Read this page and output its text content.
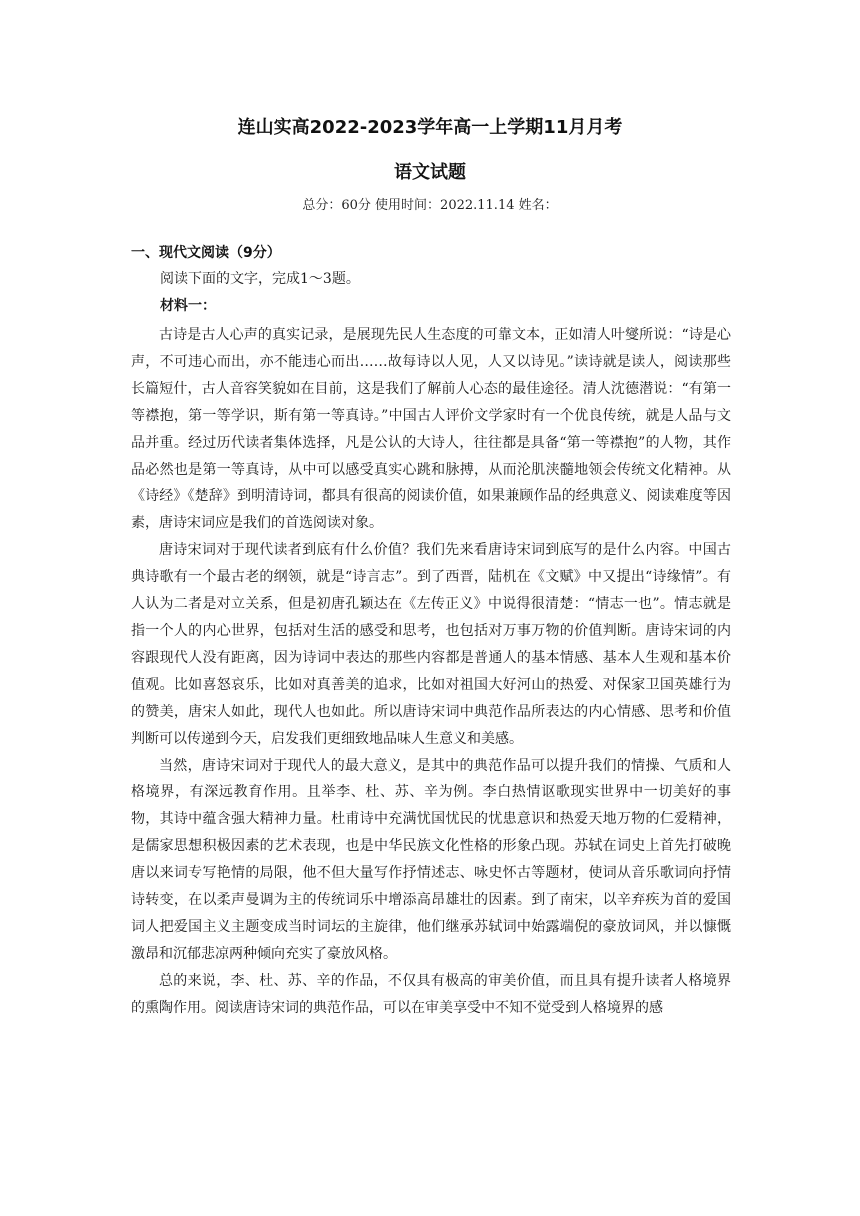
连山实高2022-2023学年高一上学期11月月考
语文试题
总分：60分 使用时间：2022.11.14 姓名：
一、现代文阅读（9分）
阅读下面的文字，完成1～3题。
材料一：

古诗是古人心声的真实记录，是展现先民人生态度的可靠文本，正如清人叶燮所说：“诗是心声，不可违心而出，亦不能违心而出……故每诗以人见，人又以诗见。”读诗就是读人，阅读那些长篇短什，古人音容笑貌如在目前，这是我们了解前人心态的最佳途径。清人沈德潜说：“有第一等襟抱，第一等学识，斯有第一等真诗。”中国古人评价文学家时有一个优良传统，就是人品与文品并重。经过历代读者集体选择，凡是公认的大诗人，往往都是具备“第一等襟抱”的人物，其作品必然也是第一等真诗，从中可以感受真实心跳和脉搏，从而沦肌浃髓地领会传统文化精神。从《诗经》《楚辞》到明清诗词，都具有很高的阅读价值，如果兼顾作品的经典意义、阅读难度等因素，唐诗宋词应是我们的首选阅读对象。

唐诗宋词对于现代读者到底有什么价值？我们先来看唐诗宋词到底写的是什么内容。中国古典诗歌有一个最古老的纲领，就是“诗言志”。到了西晋，陆机在《文赋》中又提出“诗缘情”。有人认为二者是对立关系，但是初唐孔颖达在《左传正义》中说得很清楚：“情志一也”。情志就是指一个人的内心世界，包括对生活的感受和思考，也包括对万事万物的价值判断。唐诗宋词的内容跟现代人没有距离，因为诗词中表达的那些内容都是普通人的基本情感、基本人生观和基本价值观。比如喜怒哀乐，比如对真善美的追求，比如对祖国大好河山的热爱、对保家卫国英雄行为的赞美，唐宋人如此，现代人也如此。所以唐诗宋词中典范作品所表达的内心情感、思考和价值判断可以传递到今天，启发我们更细致地品味人生意义和美感。

当然，唐诗宋词对于现代人的最大意义，是其中的典范作品可以提升我们的情操、气质和人格境界，有深远教育作用。且举李、杜、苏、辛为例。李白热情讴歌现实世界中一切美好的事物，其诗中蕴含强大精神力量。杜甫诗中充满忧国忧民的忧患意识和热爱天地万物的仁爱精神，是儒家思想积极因素的艺术表现，也是中华民族文化性格的形象凸现。苏轼在词史上首先打破晚唐以来词专写艳情的局限，他不但大量写作抒情述志、咏史怀古等题材，使词从音乐歌词向抒情诗转变，在以柔声曼调为主的传统词乐中增添高昂雄壮的因素。到了南宋，以辛弃疾为首的爱国词人把爱国主义主题变成当时词坛的主旋律，他们继承苏轼词中始露端倪的豪放词风，并以慷慨激昂和沉郁悲凉两种倾向充实了豪放风格。

总的来说，李、杜、苏、辛的作品，不仅具有极高的审美价值，而且具有提升读者人格境界的熏陶作用。阅读唐诗宋词的典范作品，可以在审美享受中不知不觉受到人格境界的感
